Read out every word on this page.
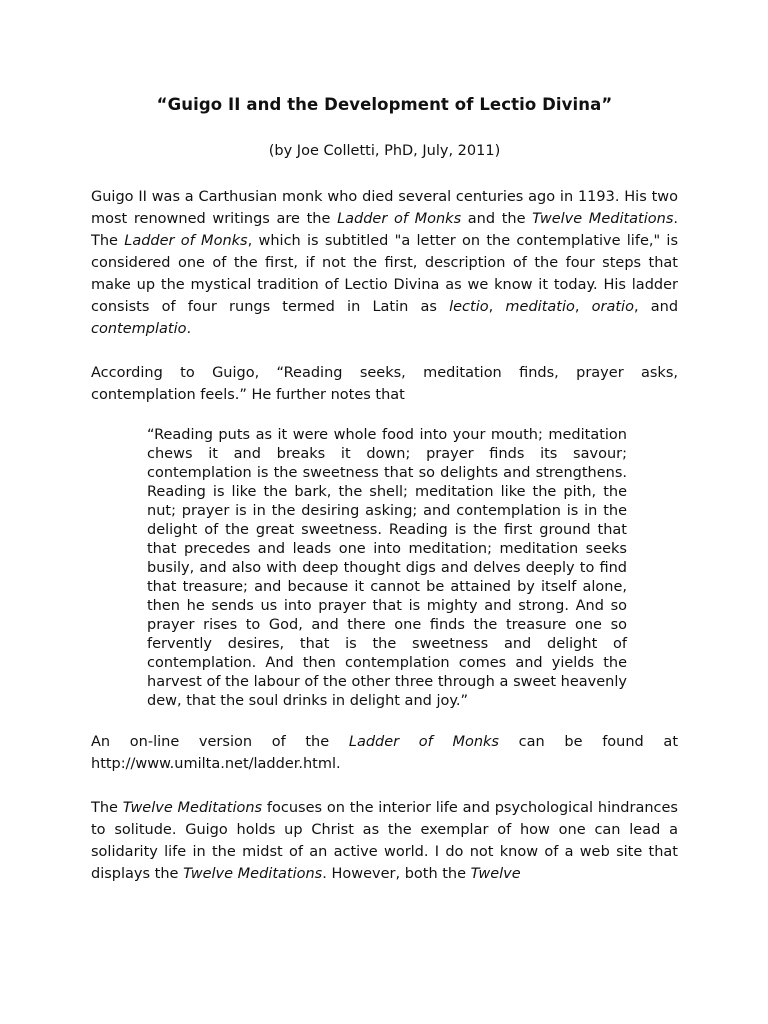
“Guigo II and the Development of Lectio Divina”

(by Joe Colletti, PhD, July, 2011)

Guigo II was a Carthusian monk who died several centuries ago in 1193. His two most renowned writings are the Ladder of Monks and the Twelve Meditations. The Ladder of Monks, which is subtitled "a letter on the contemplative life," is considered one of the first, if not the first, description of the four steps that make up the mystical tradition of Lectio Divina as we know it today. His ladder consists of four rungs termed in Latin as lectio, meditatio, oratio, and contemplatio.

According to Guigo, “Reading seeks, meditation finds, prayer asks, contemplation feels.” He further notes that

“Reading puts as it were whole food into your mouth; meditation chews it and breaks it down; prayer finds its savour; contemplation is the sweetness that so delights and strengthens. Reading is like the bark, the shell; meditation like the pith, the nut; prayer is in the desiring asking; and contemplation is in the delight of the great sweetness. Reading is the first ground that that precedes and leads one into meditation; meditation seeks busily, and also with deep thought digs and delves deeply to find that treasure; and because it cannot be attained by itself alone, then he sends us into prayer that is mighty and strong. And so prayer rises to God, and there one finds the treasure one so fervently desires, that is the sweetness and delight of contemplation. And then contemplation comes and yields the harvest of the labour of the other three through a sweet heavenly dew, that the soul drinks in delight and joy.”

An on-line version of the Ladder of Monks can be found at http://www.umilta.net/ladder.html.

The Twelve Meditations focuses on the interior life and psychological hindrances to solitude. Guigo holds up Christ as the exemplar of how one can lead a solidarity life in the midst of an active world. I do not know of a web site that displays the Twelve Meditations. However, both the Twelve
